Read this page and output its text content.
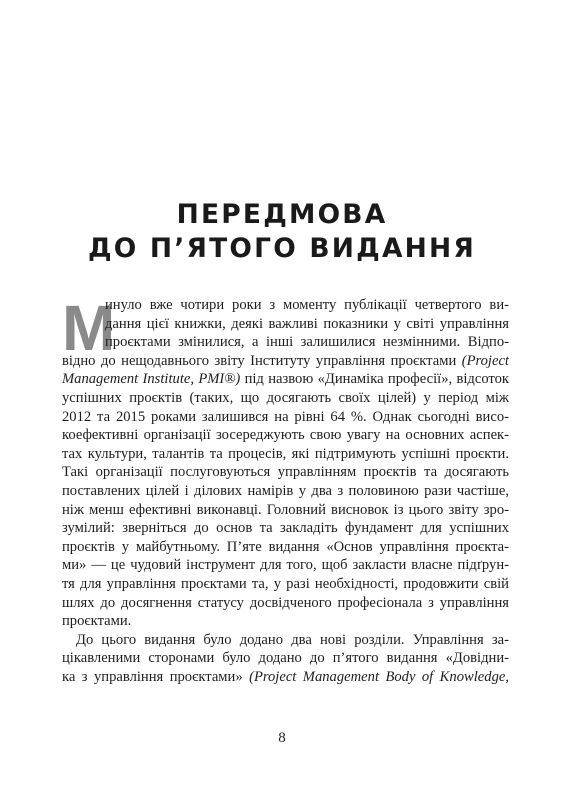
ПЕРЕДМОВА
ДО П’ЯТОГО ВИДАННЯ
М
инуло вже чотири роки з моменту публікації четвертого ви-
дання цієї книжки, деякі важливі показники у світі управління
проєктами змінилися, а інші залишилися незмінними. Відпо-
відно до нещодавнього звіту Інституту управління проєктами (Project
Management Institute, PMI®) під назвою «Динаміка професії», відсоток
успішних проєктів (таких, що досягають своїх цілей) у період між
2012 та 2015 роками залишився на рівні 64 %. Однак сьогодні висо-
коефективні організації зосереджують свою увагу на основних аспек-
тах культури, талантів та процесів, які підтримують успішні проєкти.
Такі організації послуговуються управлінням проєктів та досягають
поставлених цілей і ділових намірів у два з половиною рази частіше,
ніж менш ефективні виконавці. Головний висновок із цього звіту зро-
зумілий: зверніться до основ та закладіть фундамент для успішних
проєктів у майбутньому. П’яте видання «Основ управління проєкта-
ми» — це чудовий інструмент для того, щоб закласти власне підґрун-
тя для управління проєктами та, у разі необхідності, продовжити свій
шлях до досягнення статусу досвідченого професіонала з управління
проєктами.
До цього видання було додано два нові розділи. Управління за-
цікавленими сторонами було додано до п’ятого видання «Довідни-
ка з управління проєктами» (Project Management Body of Knowledge,
8
